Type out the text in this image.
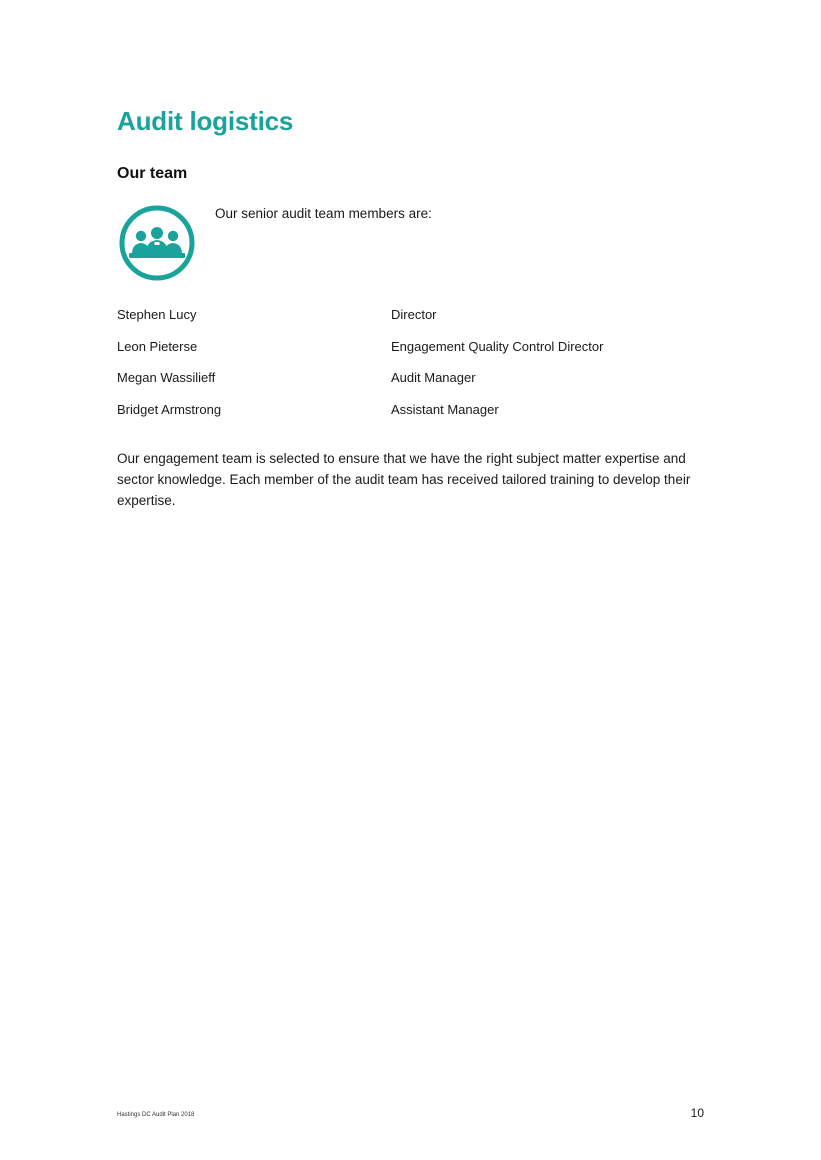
Audit logistics
Our team

Our senior audit team members are:

Stephen Lucy	Director
Leon Pieterse	Engagement Quality Control Director
Megan Wassilieff	Audit Manager
Bridget Armstrong	Assistant Manager

Our engagement team is selected to ensure that we have the right subject matter expertise and sector knowledge. Each member of the audit team has received tailored training to develop their expertise.

Hastings DC Audit Plan 2018	10
